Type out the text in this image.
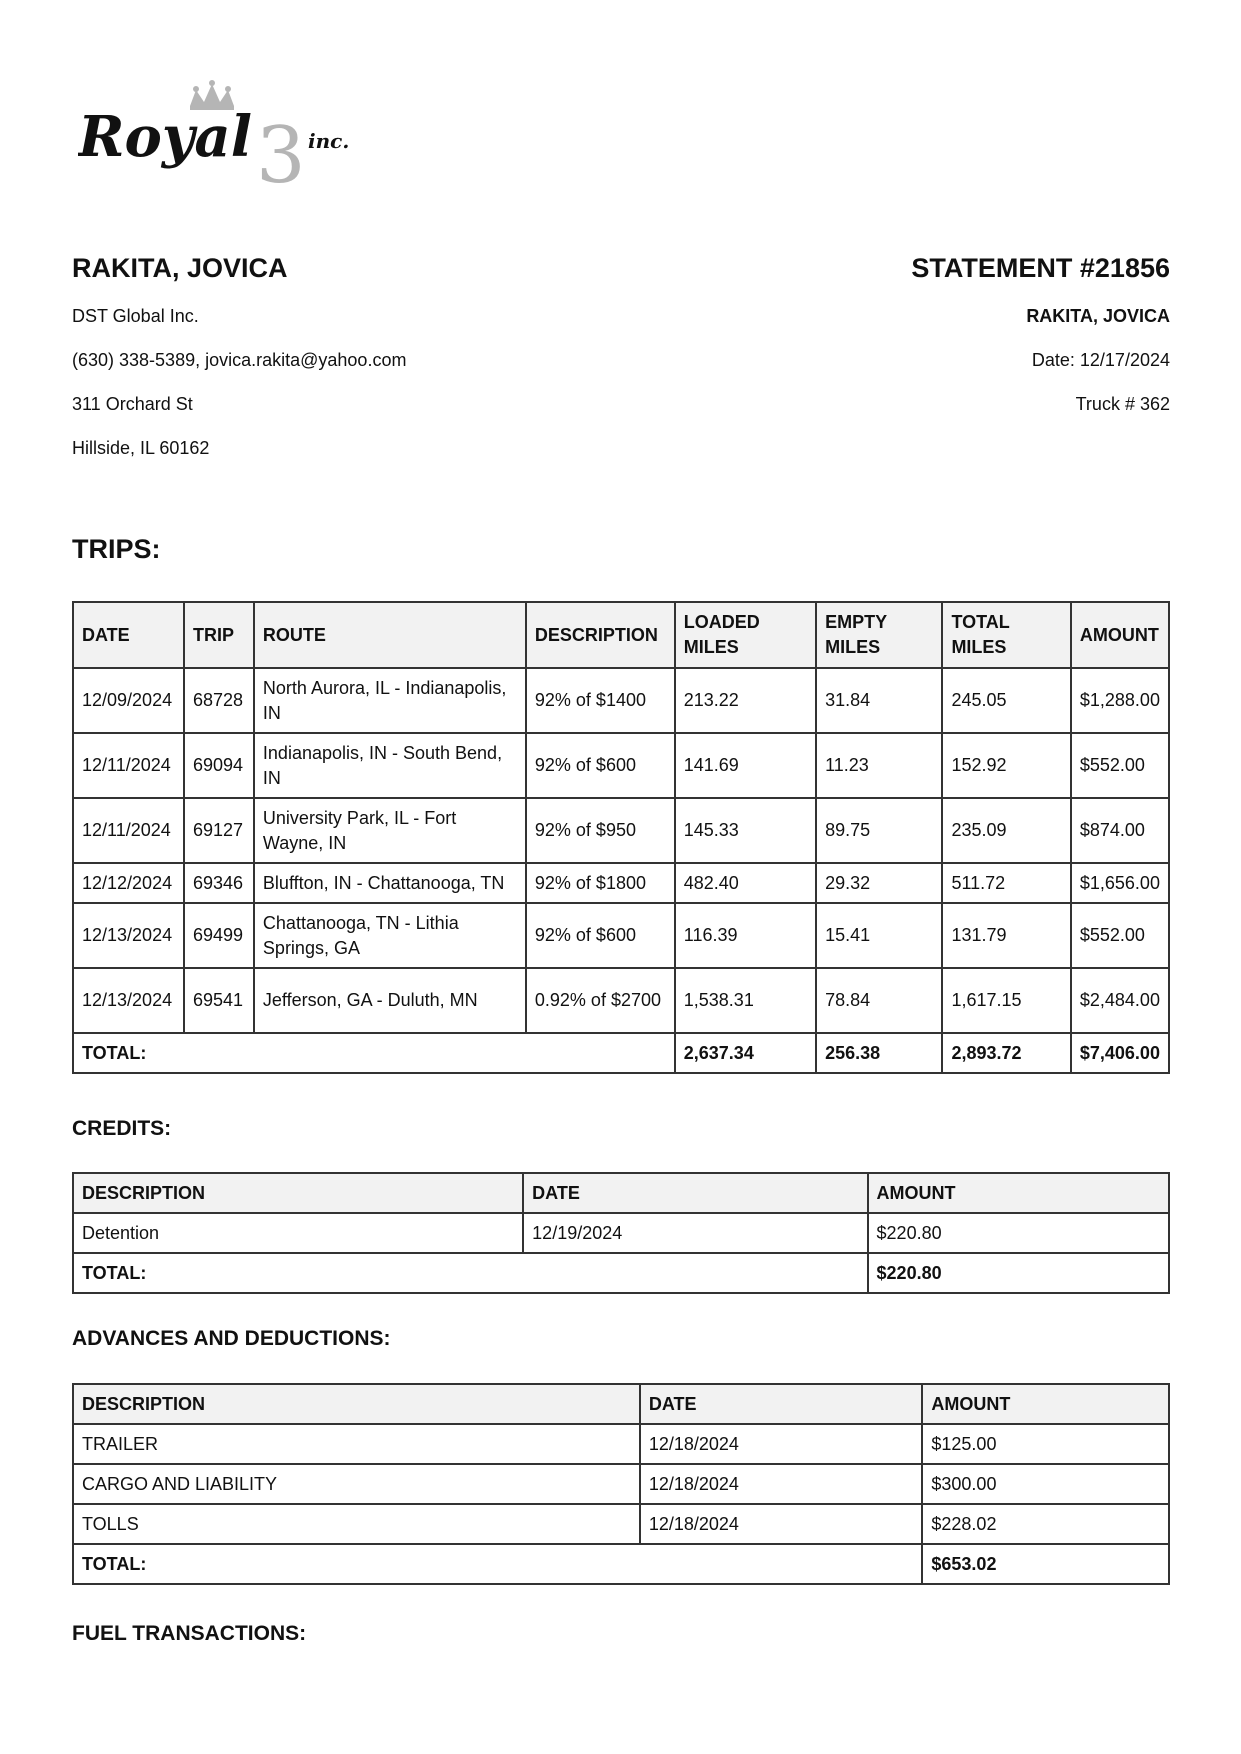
3
Royal	inc.
RAKITA, JOVICA
DST Global Inc.
(630) 338-5389, jovica.rakita@yahoo.com
311 Orchard St
Hillside, IL 60162
STATEMENT #21856
RAKITA, JOVICA
Date: 12/17/2024
Truck # 362
TRIPS:
DATE	TRIP	ROUTE	DESCRIPTION	LOADED MILES	EMPTY MILES	TOTAL MILES	AMOUNT
12/09/2024	68728	North Aurora, IL - Indianapolis, IN	92% of $1400	213.22	31.84	245.05	$1,288.00
12/11/2024	69094	Indianapolis, IN - South Bend, IN	92% of $600	141.69	11.23	152.92	$552.00
12/11/2024	69127	University Park, IL - Fort Wayne, IN	92% of $950	145.33	89.75	235.09	$874.00
12/12/2024	69346	Bluffton, IN - Chattanooga, TN	92% of $1800	482.40	29.32	511.72	$1,656.00
12/13/2024	69499	Chattanooga, TN - Lithia Springs, GA	92% of $600	116.39	15.41	131.79	$552.00
12/13/2024	69541	Jefferson, GA - Duluth, MN	0.92% of $2700	1,538.31	78.84	1,617.15	$2,484.00
TOTAL:				2,637.34	256.38	2,893.72	$7,406.00
CREDITS:
DESCRIPTION	DATE	AMOUNT
Detention	12/19/2024	$220.80
TOTAL:		$220.80
ADVANCES AND DEDUCTIONS:
DESCRIPTION	DATE	AMOUNT
TRAILER	12/18/2024	$125.00
CARGO AND LIABILITY	12/18/2024	$300.00
TOLLS	12/18/2024	$228.02
TOTAL:		$653.02
FUEL TRANSACTIONS:
